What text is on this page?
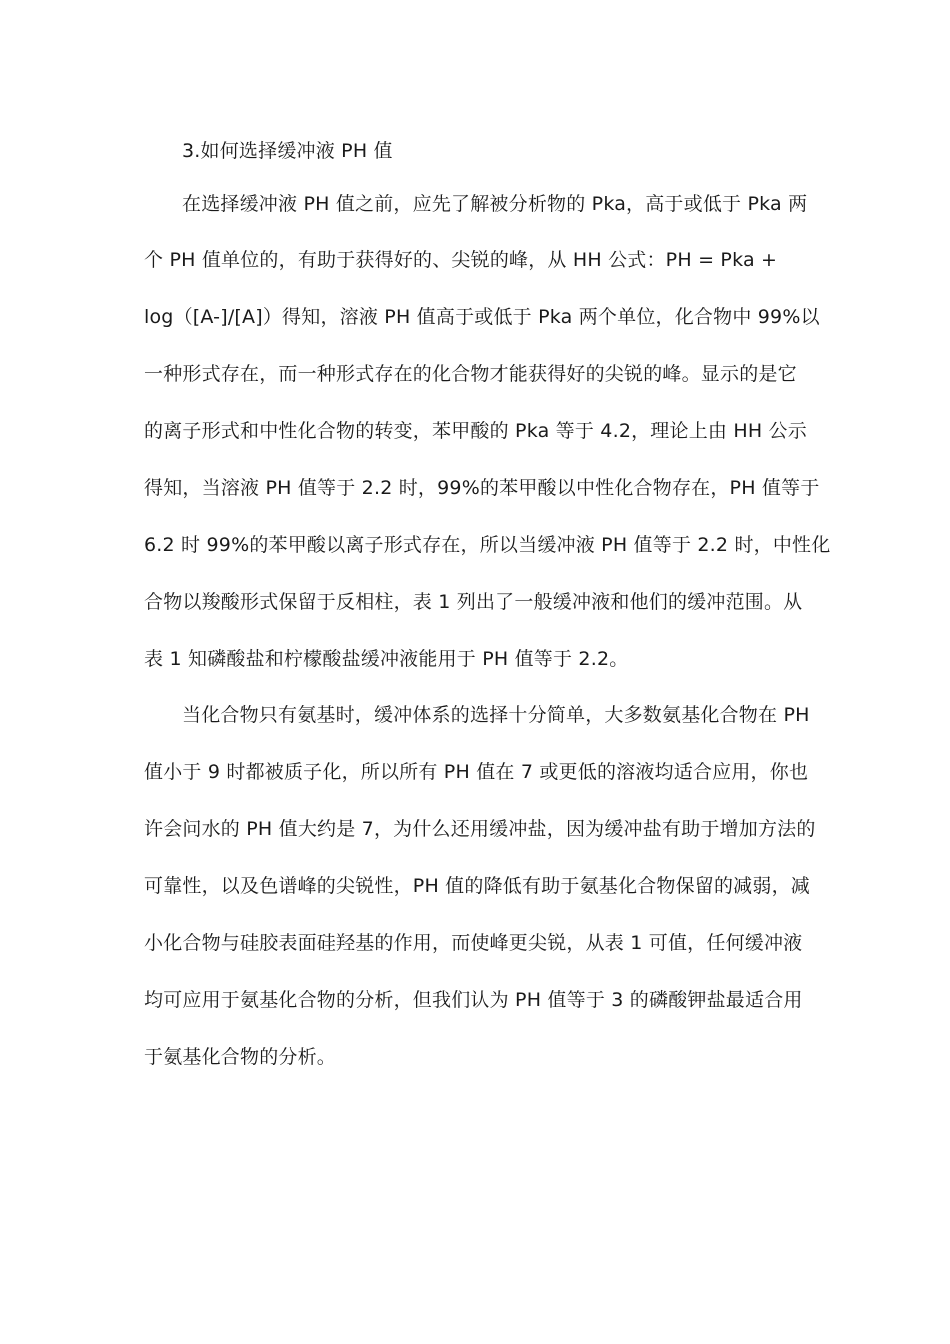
3.如何选择缓冲液 PH 值
在选择缓冲液 PH 值之前，应先了解被分析物的 Pka，高于或低于 Pka 两
个 PH 值单位的，有助于获得好的、尖锐的峰，从 HH 公式：PH = Pka +
log（[A-]/[A]）得知，溶液 PH 值高于或低于 Pka 两个单位，化合物中 99%以
一种形式存在，而一种形式存在的化合物才能获得好的尖锐的峰。显示的是它
的离子形式和中性化合物的转变，苯甲酸的 Pka 等于 4.2，理论上由 HH 公示
得知，当溶液 PH 值等于 2.2 时，99%的苯甲酸以中性化合物存在，PH 值等于
6.2 时 99%的苯甲酸以离子形式存在，所以当缓冲液 PH 值等于 2.2 时，中性化
合物以羧酸形式保留于反相柱，表 1 列出了一般缓冲液和他们的缓冲范围。从
表 1 知磷酸盐和柠檬酸盐缓冲液能用于 PH 值等于 2.2。
当化合物只有氨基时，缓冲体系的选择十分简单，大多数氨基化合物在 PH
值小于 9 时都被质子化，所以所有 PH 值在 7 或更低的溶液均适合应用，你也
许会问水的 PH 值大约是 7，为什么还用缓冲盐，因为缓冲盐有助于增加方法的
可靠性，以及色谱峰的尖锐性，PH 值的降低有助于氨基化合物保留的减弱，减
小化合物与硅胶表面硅羟基的作用，而使峰更尖锐，从表 1 可值，任何缓冲液
均可应用于氨基化合物的分析，但我们认为 PH 值等于 3 的磷酸钾盐最适合用
于氨基化合物的分析。
